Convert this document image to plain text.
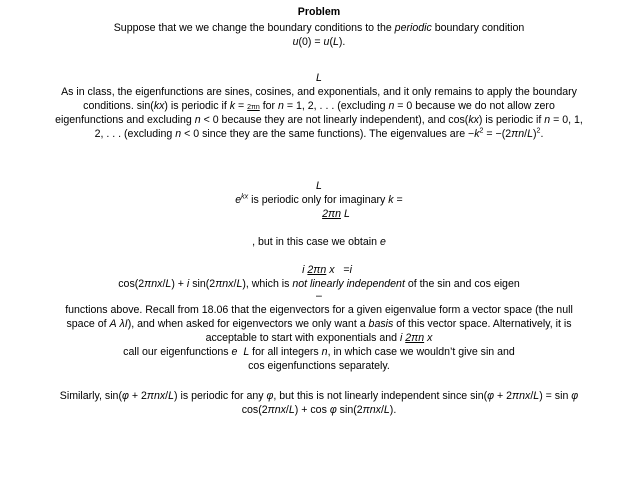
Problem
Suppose that we we change the boundary conditions to the periodic boundary condition
u(0) = u(L).
L
As in class, the eigenfunctions are sines, cosines, and exponentials, and it only remains to apply the boundary
conditions. sin(kx) is periodic if k = 2πn for n = 1, 2, . . . (excluding n = 0 because we do not allow zero
eigenfunctions and excluding n < 0 because they are not linearly independent), and cos(kx) is periodic if n = 0, 1,
2, . . . (excluding n < 0 since they are the same functions). The eigenvalues are $-k^2 = -(2\pi n/L)^2$.
L
$e^{kx}$ is periodic only for imaginary k =
2πn L
, but in this case we obtain e
i 2πn x =i
cos(2πnx/L) + i sin(2πnx/L), which is not linearly independent of the sin and cos eigen
–
functions above. Recall from 18.06 that the eigenvectors for a given eigenvalue form a vector space (the null
space of A λI), and when asked for eigenvectors we only want a basis of this vector space. Alternatively, it is
acceptable to start with exponentials and i 2πn x
call our eigenfunctions e L for all integers n, in which case we wouldn’t give sin and
cos eigenfunctions separately.
Similarly, sin(φ + 2πnx/L) is periodic for any φ, but this is not linearly independent since sin(φ + 2πnx/L) = sin φ
cos(2πnx/L) + cos φ sin(2πnx/L).
